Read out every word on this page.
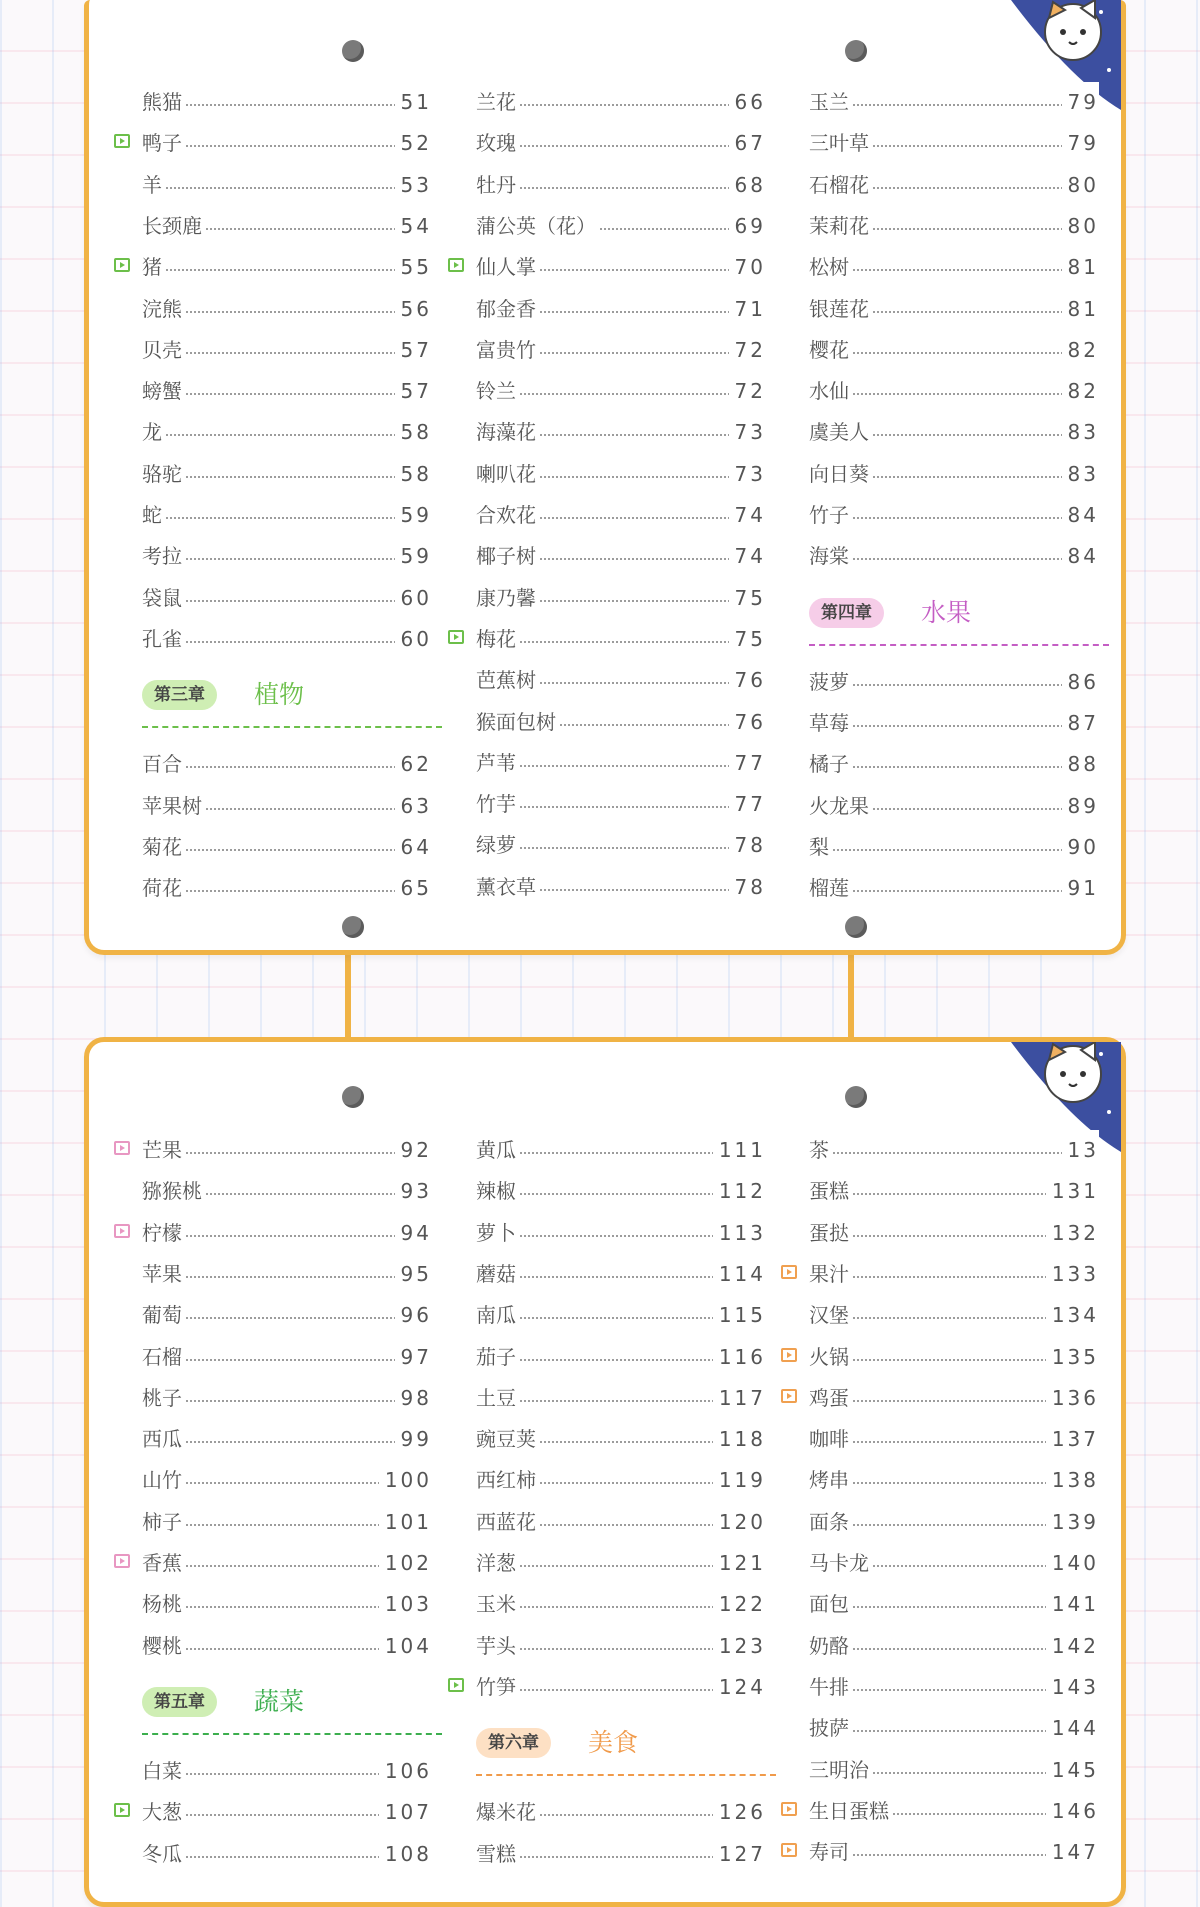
熊猫	51
鸭子	52
羊	53
长颈鹿	54
猪	55
浣熊	56
贝壳	57
螃蟹	57
龙	58
骆驼	58
蛇	59
考拉	59
袋鼠	60
孔雀	60
第三章	植物
百合	62
苹果树	63
菊花	64
荷花	65
兰花	66
玫瑰	67
牡丹	68
蒲公英（花）	69
仙人掌	70
郁金香	71
富贵竹	72
铃兰	72
海藻花	73
喇叭花	73
合欢花	74
椰子树	74
康乃馨	75
梅花	75
芭蕉树	76
猴面包树	76
芦苇	77
竹芋	77
绿萝	78
薰衣草	78
玉兰	79
三叶草	79
石榴花	80
茉莉花	80
松树	81
银莲花	81
樱花	82
水仙	82
虞美人	83
向日葵	83
竹子	84
海棠	84
第四章	水果
菠萝	86
草莓	87
橘子	88
火龙果	89
梨	90
榴莲	91
芒果	92
猕猴桃	93
柠檬	94
苹果	95
葡萄	96
石榴	97
桃子	98
西瓜	99
山竹	100
柿子	101
香蕉	102
杨桃	103
樱桃	104
第五章	蔬菜
白菜	106
大葱	107
冬瓜	108
黄瓜	111
辣椒	112
萝卜	113
蘑菇	114
南瓜	115
茄子	116
土豆	117
豌豆荚	118
西红柿	119
西蓝花	120
洋葱	121
玉米	122
芋头	123
竹笋	124
第六章	美食
爆米花	126
雪糕	127
茶	13
蛋糕	131
蛋挞	132
果汁	133
汉堡	134
火锅	135
鸡蛋	136
咖啡	137
烤串	138
面条	139
马卡龙	140
面包	141
奶酪	142
牛排	143
披萨	144
三明治	145
生日蛋糕	146
寿司	147
